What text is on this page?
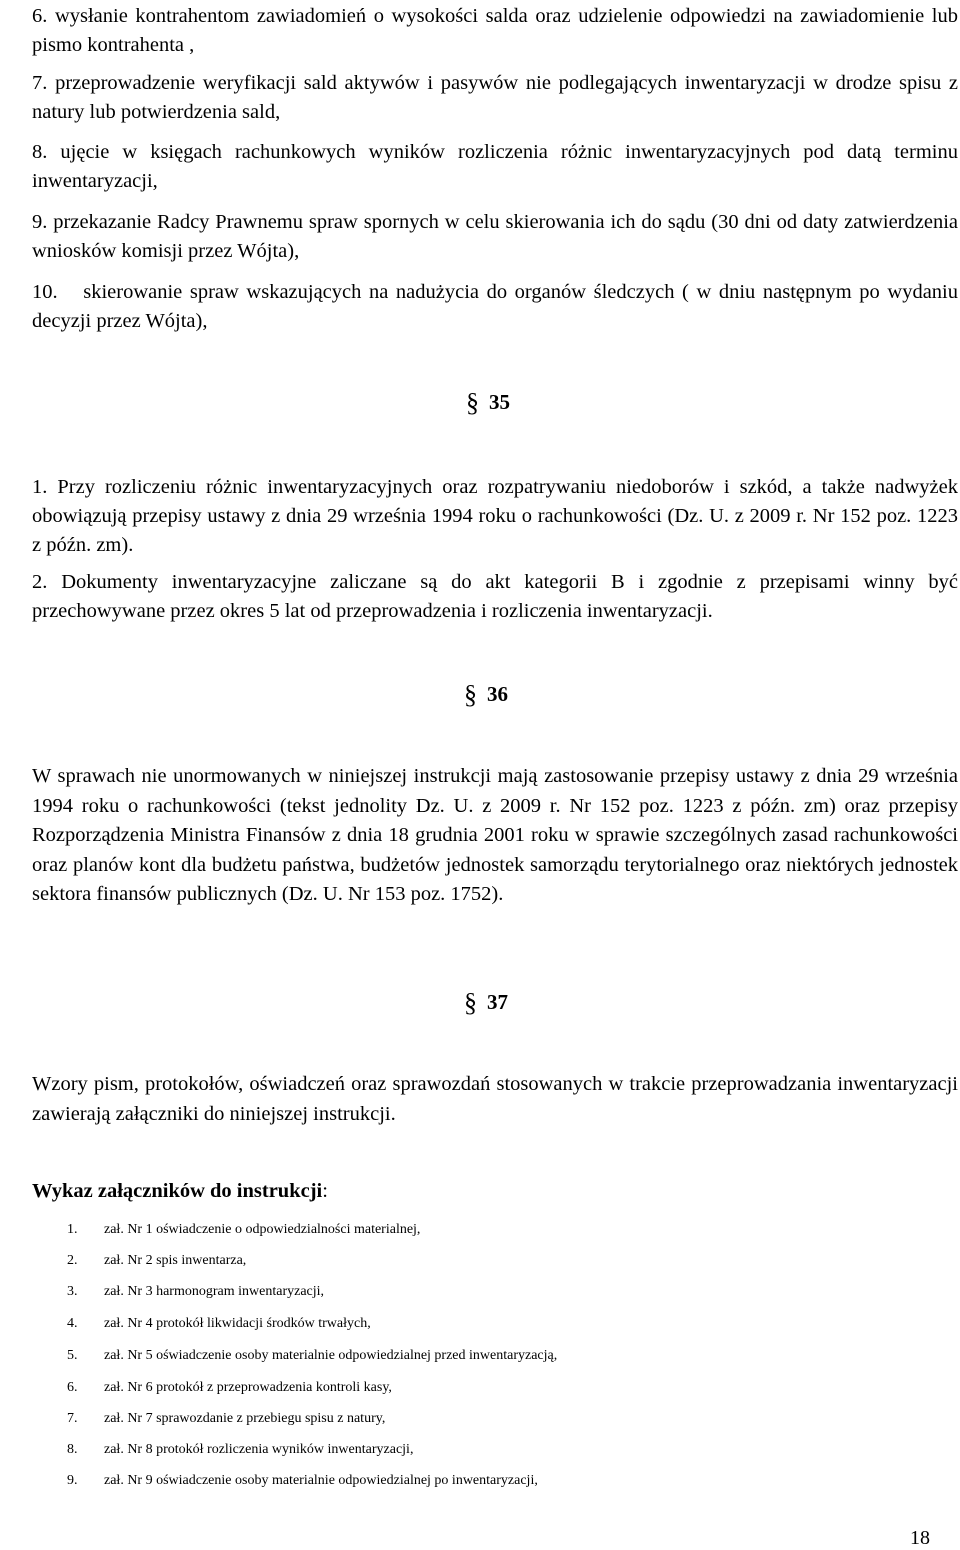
6. wysłanie kontrahentom zawiadomień o wysokości salda oraz udzielenie odpowiedzi na zawiadomienie lub pismo kontrahenta ,
7. przeprowadzenie weryfikacji sald aktywów i pasywów nie podlegających inwentaryzacji w drodze spisu z natury lub potwierdzenia sald,
8. ujęcie w księgach rachunkowych wyników rozliczenia różnic inwentaryzacyjnych pod datą terminu inwentaryzacji,
9. przekazanie Radcy Prawnemu spraw spornych w celu skierowania ich do sądu (30 dni od daty zatwierdzenia wniosków komisji przez Wójta),
10. skierowanie spraw wskazujących na nadużycia do organów śledczych ( w dniu następnym po wydaniu decyzji przez Wójta),
§ 35
1. Przy rozliczeniu różnic inwentaryzacyjnych oraz rozpatrywaniu niedoborów i szkód, a także nadwyżek obowiązują przepisy ustawy z dnia 29 września 1994 roku o rachunkowości (Dz. U. z 2009 r. Nr 152 poz. 1223 z późn. zm).
2. Dokumenty inwentaryzacyjne zaliczane są do akt kategorii B i zgodnie z przepisami winny być przechowywane przez okres 5 lat od przeprowadzenia i rozliczenia inwentaryzacji.
§ 36
W sprawach nie unormowanych w niniejszej instrukcji mają zastosowanie przepisy ustawy z dnia 29 września 1994 roku o rachunkowości (tekst jednolity Dz. U. z 2009 r. Nr 152 poz. 1223 z późn. zm) oraz przepisy Rozporządzenia Ministra Finansów z dnia 18 grudnia 2001 roku w sprawie szczególnych zasad rachunkowości oraz planów kont dla budżetu państwa, budżetów jednostek samorządu terytorialnego oraz niektórych jednostek sektora finansów publicznych (Dz. U. Nr 153 poz. 1752).
§ 37
Wzory pism, protokołów, oświadczeń oraz sprawozdań stosowanych w trakcie przeprowadzania inwentaryzacji zawierają załączniki do niniejszej instrukcji.
Wykaz załączników do instrukcji:
1. zał. Nr 1 oświadczenie o odpowiedzialności materialnej,
2. zał. Nr 2 spis inwentarza,
3. zał. Nr 3 harmonogram inwentaryzacji,
4. zał. Nr 4 protokół likwidacji środków trwałych,
5. zał. Nr 5 oświadczenie osoby materialnie odpowiedzialnej przed inwentaryzacją,
6. zał. Nr 6 protokół z przeprowadzenia kontroli kasy,
7. zał. Nr 7 sprawozdanie z przebiegu spisu z natury,
8. zał. Nr 8 protokół rozliczenia wyników inwentaryzacji,
9. zał. Nr 9 oświadczenie osoby materialnie odpowiedzialnej po inwentaryzacji,
18
